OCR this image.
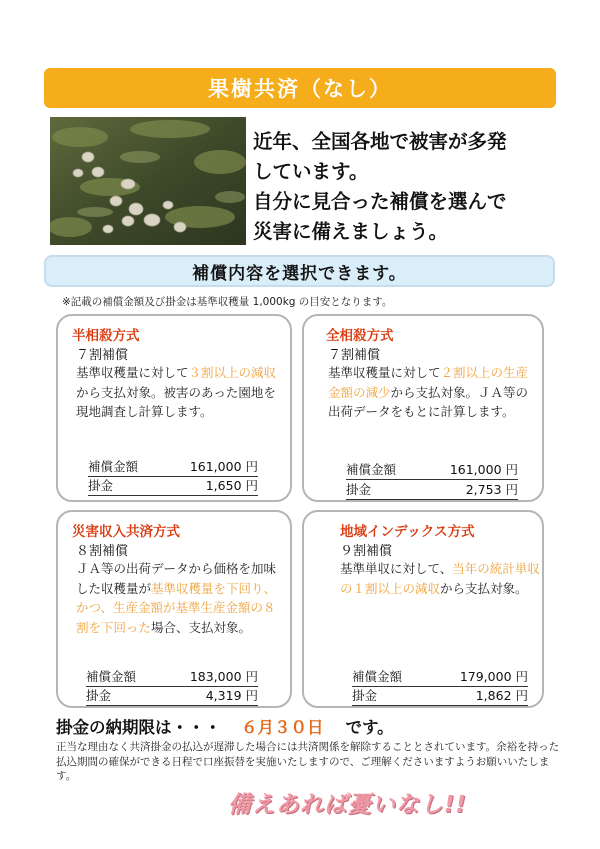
果樹共済（なし）
近年、全国各地で被害が多発
しています。
自分に見合った補償を選んで
災害に備えましょう。
補償内容を選択できます。
※記載の補償金額及び掛金は基準収穫量 1,000kg の目安となります。
半相殺方式
７割補償
基準収穫量に対して３割以上の減収から支払対象。被害のあった園地を現地調査し計算します。
補償金額	161,000 円
掛金	1,650 円
全相殺方式
７割補償
基準収穫量に対して２割以上の生産金額の減少から支払対象。ＪＡ等の出荷データをもとに計算します。
補償金額	161,000 円
掛金	2,753 円
災害収入共済方式
８割補償
ＪＡ等の出荷データから価格を加味した収穫量が基準収穫量を下回り、かつ、生産金額が基準生産金額の８割を下回った場合、支払対象。
補償金額	183,000 円
掛金	4,319 円
地域インデックス方式
９割補償
基準単収に対して、当年の統計単収の１割以上の減収から支払対象。
補償金額	179,000 円
掛金	1,862 円
掛金の納期限は・・・ ６月３０日 です。
正当な理由なく共済掛金の払込が遅滞した場合には共済関係を解除することとされています。余裕を持った払込期間の確保ができる日程で口座振替を実施いたしますので、ご理解くださいますようお願いいたします。
備えあれば憂いなし!!
